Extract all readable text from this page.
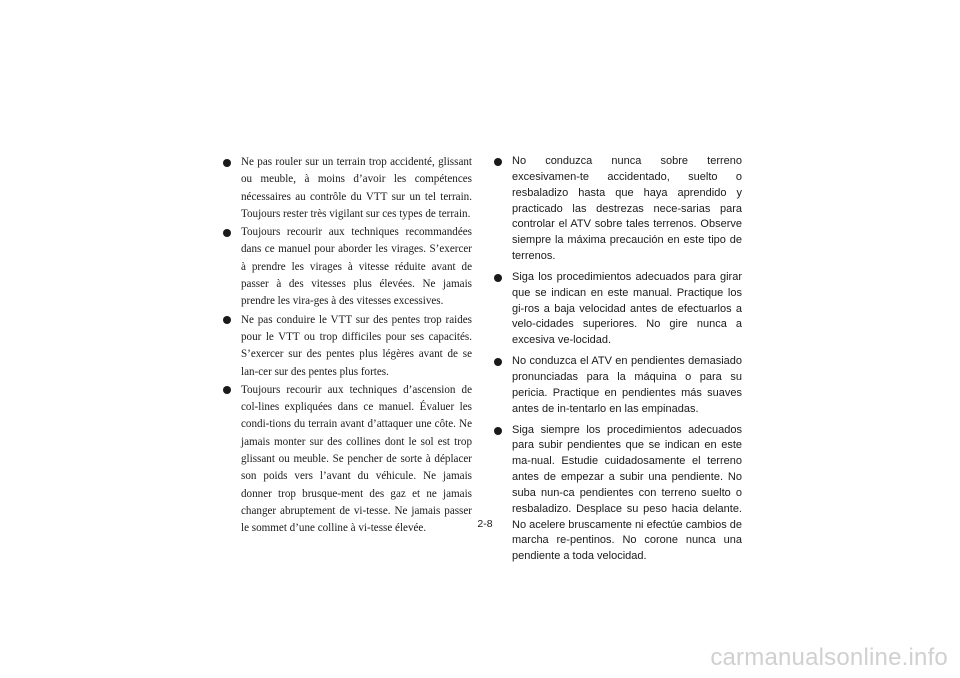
Ne pas rouler sur un terrain trop accidenté, glissant ou meuble, à moins d’avoir les compétences nécessaires au contrôle du VTT sur un tel terrain. Toujours rester très vigilant sur ces types de terrain.
Toujours recourir aux techniques recommandées dans ce manuel pour aborder les virages. S’exercer à prendre les virages à vitesse réduite avant de passer à des vitesses plus élevées. Ne jamais prendre les vira-ges à des vitesses excessives.
Ne pas conduire le VTT sur des pentes trop raides pour le VTT ou trop difficiles pour ses capacités. S’exercer sur des pentes plus légères avant de se lan-cer sur des pentes plus fortes.
Toujours recourir aux techniques d’ascension de col-lines expliquées dans ce manuel. Évaluer les condi-tions du terrain avant d’attaquer une côte. Ne jamais monter sur des collines dont le sol est trop glissant ou meuble. Se pencher de sorte à déplacer son poids vers l’avant du véhicule. Ne jamais donner trop brusque-ment des gaz et ne jamais changer abruptement de vi-tesse. Ne jamais passer le sommet d’une colline à vi-tesse élevée.
No conduzca nunca sobre terreno excesivamen-te accidentado, suelto o resbaladizo hasta que haya aprendido y practicado las destrezas nece-sarias para controlar el ATV sobre tales terrenos. Observe siempre la máxima precaución en este tipo de terrenos.
Siga los procedimientos adecuados para girar que se indican en este manual. Practique los gi-ros a baja velocidad antes de efectuarlos a velo-cidades superiores. No gire nunca a excesiva ve-locidad.
No conduzca el ATV en pendientes demasiado pronunciadas para la máquina o para su pericia. Practique en pendientes más suaves antes de in-tentarlo en las empinadas.
Siga siempre los procedimientos adecuados para subir pendientes que se indican en este ma-nual. Estudie cuidadosamente el terreno antes de empezar a subir una pendiente. No suba nun-ca pendientes con terreno suelto o resbaladizo. Desplace su peso hacia delante. No acelere bruscamente ni efectúe cambios de marcha re-pentinos. No corone nunca una pendiente a toda velocidad.
2-8
carmanualsonline.info
